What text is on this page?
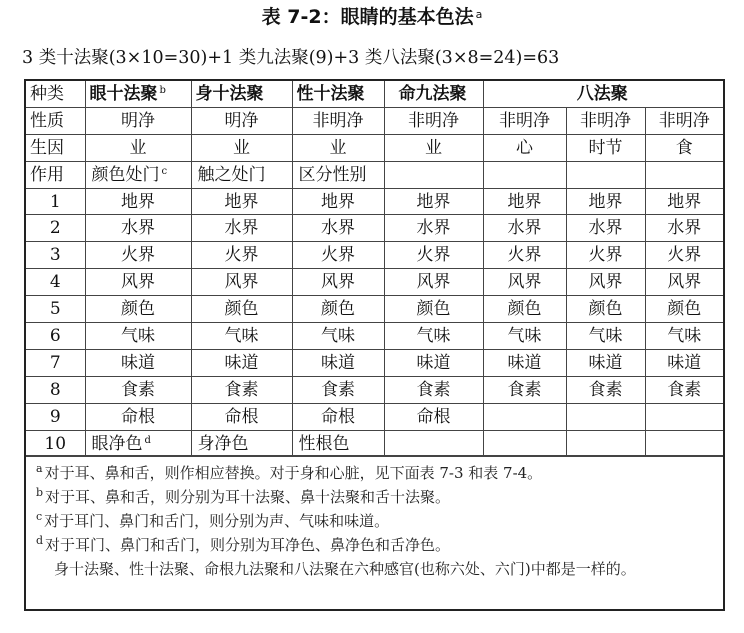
表 7-2：眼睛的基本色法 $^a$
3 类十法聚(3×10=30)+1 类九法聚(9)+3 类八法聚(3×8=24)=63
种类	眼十法聚 $^b$	身十法聚	性十法聚	命九法聚	八法聚		
性质	明净	明净	非明净	非明净	非明净	非明净	非明净
生因	业	业	业	业	心	时节	食
作用	颜色处门 $^c$	触之处门	区分性别				
1	地界	地界	地界	地界	地界	地界	地界
2	水界	水界	水界	水界	水界	水界	水界
3	火界	火界	火界	火界	火界	火界	火界
4	风界	风界	风界	风界	风界	风界	风界
5	颜色	颜色	颜色	颜色	颜色	颜色	颜色
6	气味	气味	气味	气味	气味	气味	气味
7	味道	味道	味道	味道	味道	味道	味道
8	食素	食素	食素	食素	食素	食素	食素
9	命根	命根	命根	命根			
10	眼净色 $^d$	身净色	性根色				
$^a$ 对于耳、鼻和舌，则作相应替换。对于身和心脏，见下面表 7-3 和表 7-4。
$^b$ 对于耳、鼻和舌，则分别为耳十法聚、鼻十法聚和舌十法聚。
$^c$ 对于耳门、鼻门和舌门，则分别为声、气味和味道。
$^d$ 对于耳门、鼻门和舌门，则分别为耳净色、鼻净色和舌净色。
身十法聚、性十法聚、命根九法聚和八法聚在六种感官(也称六处、六门)中都是一样的。
